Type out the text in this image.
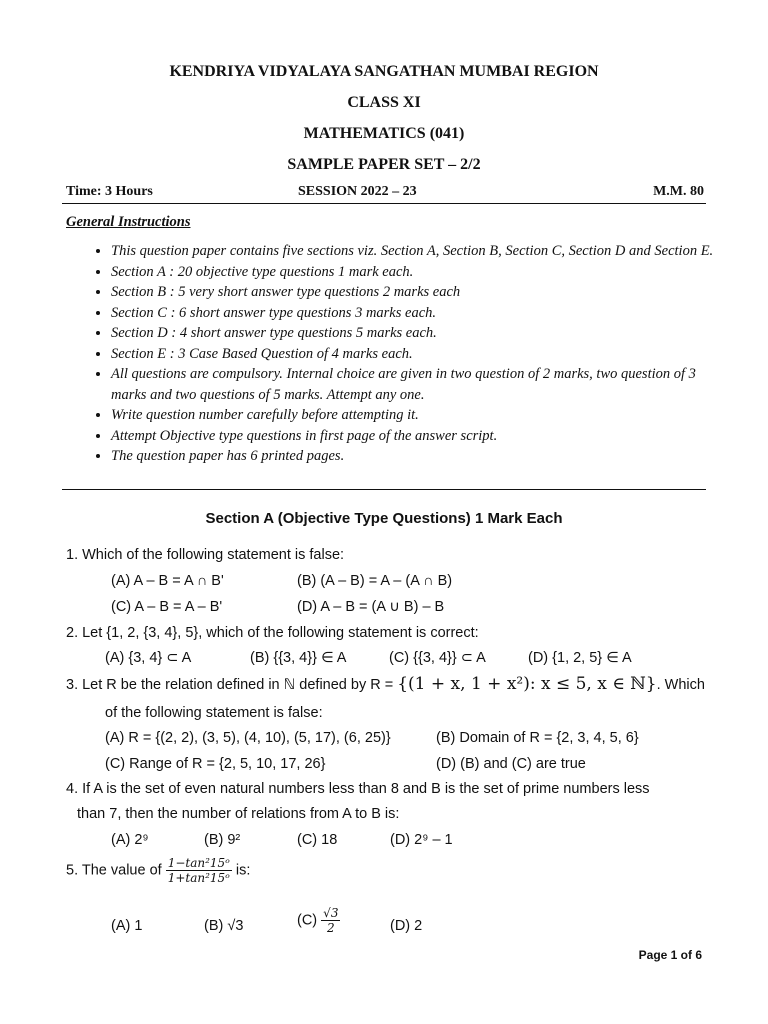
KENDRIYA VIDYALAYA SANGATHAN MUMBAI REGION
CLASS XI
MATHEMATICS (041)
SAMPLE PAPER SET – 2/2
Time: 3 Hours	SESSION 2022 – 23	M.M. 80
General Instructions
• This question paper contains five sections viz. Section A, Section B, Section C, Section D and Section E.
• Section A : 20 objective type questions 1 mark each.
• Section B : 5 very short answer type questions 2 marks each
• Section C : 6 short answer type questions 3 marks each.
• Section D : 4 short answer type questions 5 marks each.
• Section E : 3 Case Based Question of 4 marks each.
• All questions are compulsory. Internal choice are given in two question of 2 marks, two question of 3 marks and two questions of 5 marks. Attempt any one.
• Write question number carefully before attempting it.
• Attempt Objective type questions in first page of the answer script.
• The question paper has 6 printed pages.
Section A (Objective Type Questions) 1 Mark Each
1. Which of the following statement is false:
(A) A – B = A ∩ B'	(B) (A – B) = A – (A ∩ B)
(C) A – B = A – B'	(D) A – B = (A ∪ B) – B
2. Let {1, 2, {3, 4}, 5}, which of the following statement is correct:
(A) {3, 4} ⊂ A	(B) {{3, 4}} ∈ A	(C) {{3, 4}} ⊂ A	(D) {1, 2, 5} ∈ A
3. Let R be the relation defined in ℕ defined by R = {(1 + x, 1 + x²): x ≤ 5, x ∈ ℕ}. Which
of the following statement is false:
(A) R = {(2, 2), (3, 5), (4, 10), (5, 17), (6, 25)}	(B) Domain of R = {2, 3, 4, 5, 6}
(C) Range of R = {2, 5, 10, 17, 26}	(D) (B) and (C) are true
4. If A is the set of even natural numbers less than 8 and B is the set of prime numbers less
than 7, then the number of relations from A to B is:
(A) 2⁹	(B) 9²	(C) 18	(D) 2⁹ – 1
5. The value of $\frac{\text{1−tan²15ᵒ}}{\text{1+tan²15ᵒ}}$ is:
(A) 1	(B) √3	$(C) \frac{√3}{2}$	(D) 2
Page 1 of 6
